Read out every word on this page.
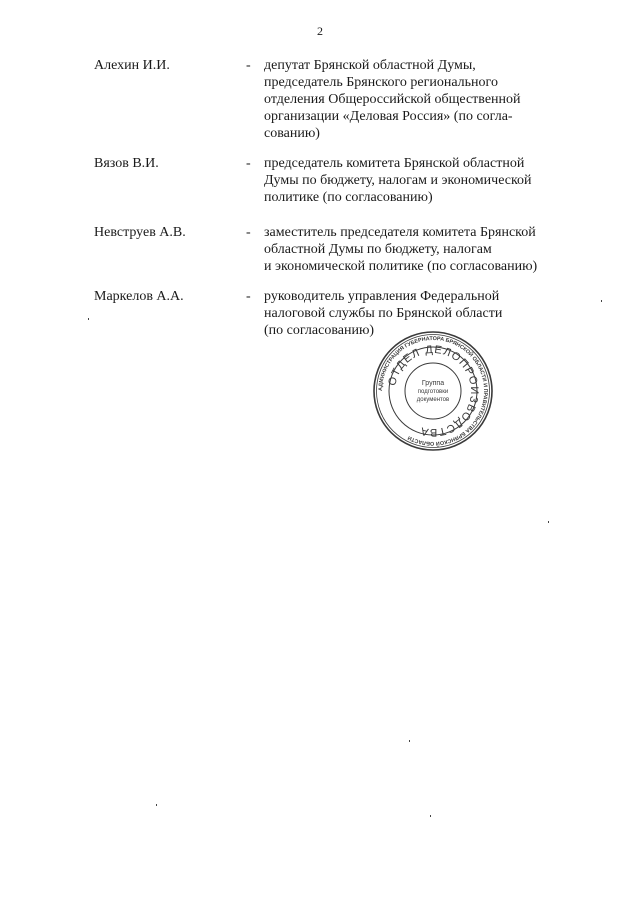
2
Алехин И.И.	- депутат Брянской областной Думы,
председатель Брянского регионального
отделения Общероссийской общественной
организации «Деловая Россия» (по согла-
сованию)
Вязов В.И.	- председатель комитета Брянской областной
Думы по бюджету, налогам и экономической
политике (по согласованию)
Невструев А.В.	- заместитель председателя комитета Брянской
областной Думы по бюджету, налогам
и экономической политике (по согласованию)
Маркелов А.А.	- руководитель управления Федеральной
налоговой службы по Брянской области
(по согласованию)
АДМИНИСТРАЦИЯ ГУБЕРНАТОРА БРЯНСКОЙ ОБЛАСТИ И ПРАВИТЕЛЬСТВА БРЯНСКОЙ ОБЛАСТИ
ОТДЕЛ ДЕЛОПРОИЗВОДСТВА
Группа
подготовки
документов
